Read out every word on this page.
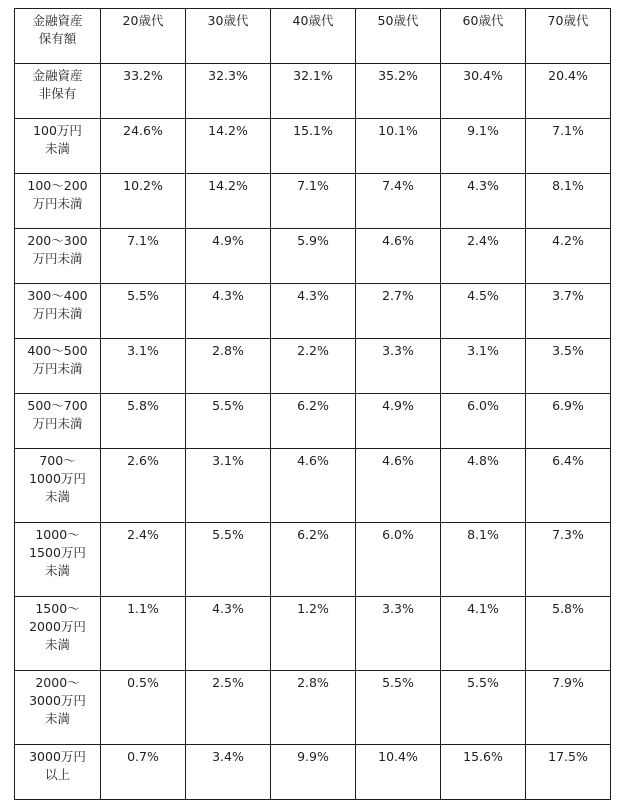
金融資産
保有額	20歳代	30歳代	40歳代	50歳代	60歳代	70歳代

金融資産
非保有	33.2%	32.3%	32.1%	35.2%	30.4%	20.4%

100万円
未満	24.6%	14.2%	15.1%	10.1%	9.1%	7.1%

100〜200
万円未満	10.2%	14.2%	7.1%	7.4%	4.3%	8.1%

200〜300
万円未満	7.1%	4.9%	5.9%	4.6%	2.4%	4.2%

300〜400
万円未満	5.5%	4.3%	4.3%	2.7%	4.5%	3.7%

400〜500
万円未満	3.1%	2.8%	2.2%	3.3%	3.1%	3.5%

500〜700
万円未満	5.8%	5.5%	6.2%	4.9%	6.0%	6.9%

700〜
1000万円
未満	2.6%	3.1%	4.6%	4.6%	4.8%	6.4%

1000〜
1500万円
未満	2.4%	5.5%	6.2%	6.0%	8.1%	7.3%

1500〜
2000万円
未満	1.1%	4.3%	1.2%	3.3%	4.1%	5.8%

2000〜
3000万円
未満	0.5%	2.5%	2.8%	5.5%	5.5%	7.9%

3000万円
以上	0.7%	3.4%	9.9%	10.4%	15.6%	17.5%
